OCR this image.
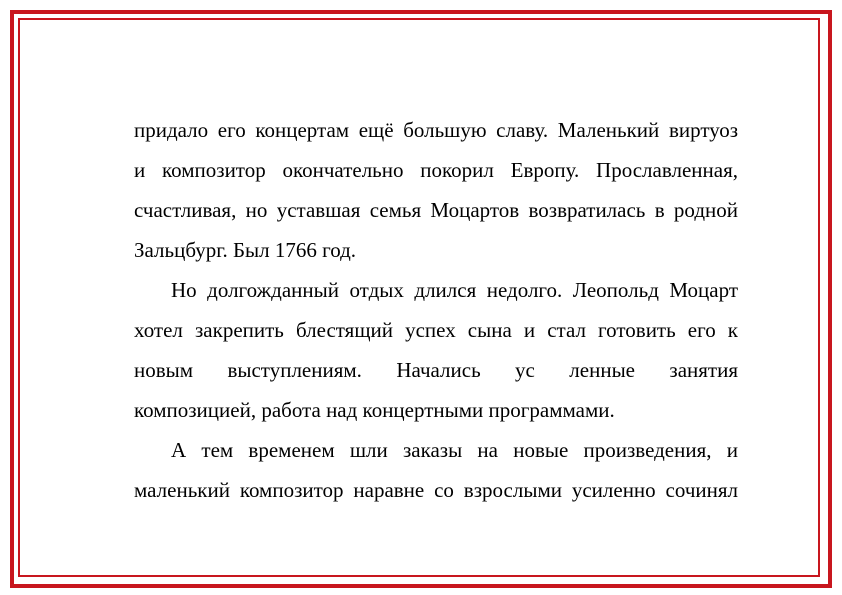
придало его концертам ещё большую славу. Маленький виртуоз
и композитор окончательно покорил Европу. Прославленная,
счастливая, но уставшая семья Моцартов возвратилась в родной
Зальцбург. Был 1766 год.
Но долгожданный отдых длился недолго. Леопольд Моцарт
хотел закрепить блестящий успех сына и стал готовить его к
новым выступлениям. Начались ус ленные занятия
композицией, работа над концертными программами.
А тем временем шли заказы на новые произведения, и
маленький композитор наравне со взрослыми усиленно сочинял
